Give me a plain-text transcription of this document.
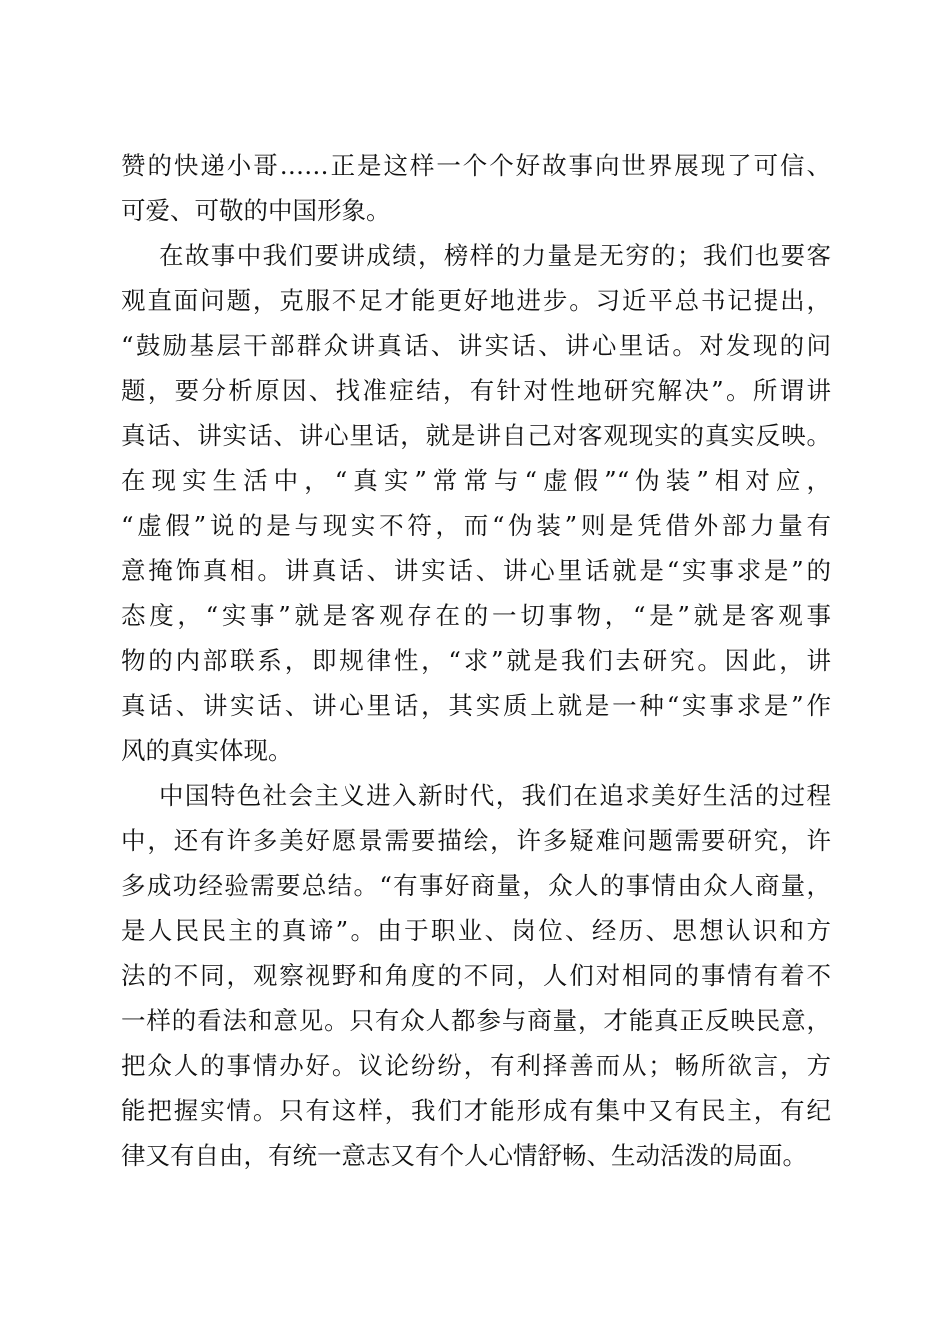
赞的快递小哥……正是这样一个个好故事向世界展现了可信、
可爱、可敬的中国形象。
在故事中我们要讲成绩，榜样的力量是无穷的；我们也要客
观直面问题，克服不足才能更好地进步。习近平总书记提出，
“鼓励基层干部群众讲真话、讲实话、讲心里话。对发现的问
题，要分析原因、找准症结，有针对性地研究解决”。所谓讲
真话、讲实话、讲心里话，就是讲自己对客观现实的真实反映。
在现实生活中，“真实”常常与“虚假”“伪装”相对应，
“虚假”说的是与现实不符，而“伪装”则是凭借外部力量有
意掩饰真相。讲真话、讲实话、讲心里话就是“实事求是”的
态度，“实事”就是客观存在的一切事物，“是”就是客观事
物的内部联系，即规律性，“求”就是我们去研究。因此，讲
真话、讲实话、讲心里话，其实质上就是一种“实事求是”作
风的真实体现。
中国特色社会主义进入新时代，我们在追求美好生活的过程
中，还有许多美好愿景需要描绘，许多疑难问题需要研究，许
多成功经验需要总结。“有事好商量，众人的事情由众人商量，
是人民民主的真谛”。由于职业、岗位、经历、思想认识和方
法的不同，观察视野和角度的不同，人们对相同的事情有着不
一样的看法和意见。只有众人都参与商量，才能真正反映民意，
把众人的事情办好。议论纷纷，有利择善而从；畅所欲言，方
能把握实情。只有这样，我们才能形成有集中又有民主，有纪
律又有自由，有统一意志又有个人心情舒畅、生动活泼的局面。
